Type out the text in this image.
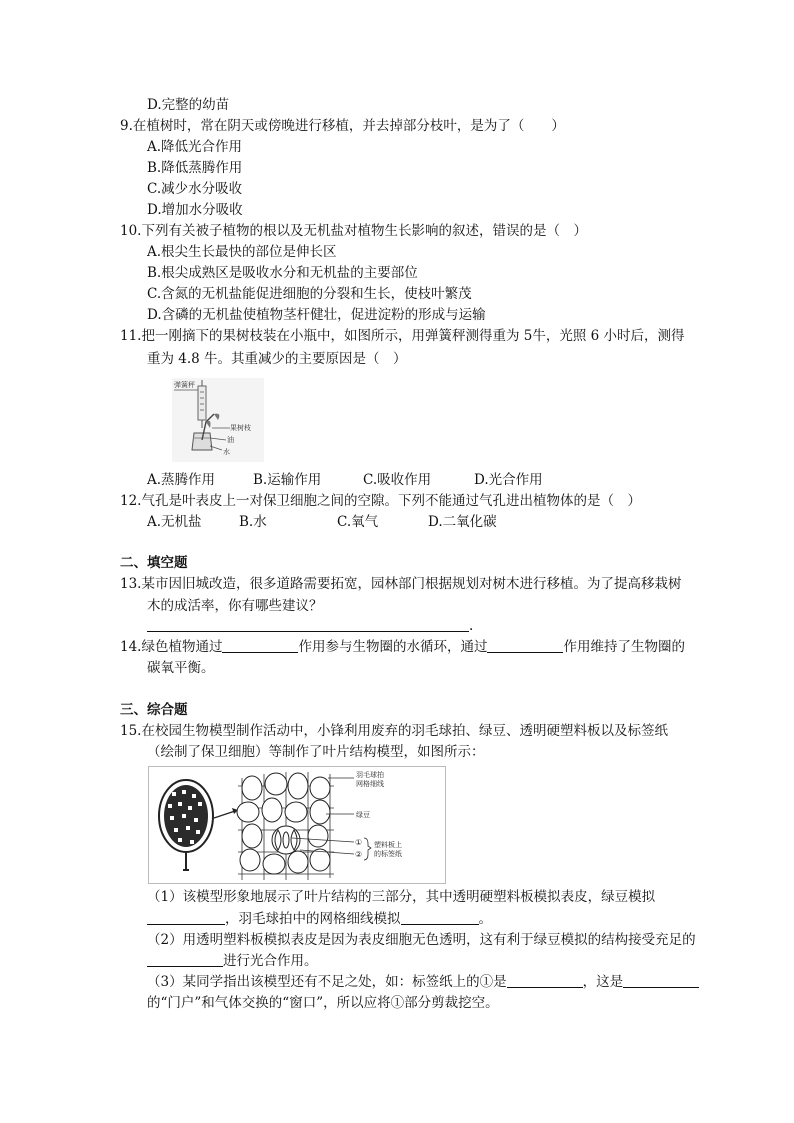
D.完整的幼苗
9.在植树时，常在阴天或傍晚进行移植，并去掉部分枝叶，是为了（　　）
A.降低光合作用
B.降低蒸腾作用
C.减少水分吸收
D.增加水分吸收
10.下列有关被子植物的根以及无机盐对植物生长影响的叙述，错误的是（　）
A.根尖生长最快的部位是伸长区
B.根尖成熟区是吸收水分和无机盐的主要部位
C.含氮的无机盐能促进细胞的分裂和生长，使枝叶繁茂
D.含磷的无机盐使植物茎杆健壮，促进淀粉的形成与运输
11.把一刚摘下的果树枝装在小瓶中，如图所示，用弹簧秤测得重为 5牛，光照 6 小时后，测得
重为 4.8 牛。其重减少的主要原因是（　）
弹簧秤
果树枝
油
水
A.蒸腾作用	B.运输作用	C.吸收作用	D.光合作用
12.气孔是叶表皮上一对保卫细胞之间的空隙。下列不能通过气孔进出植物体的是（　）
A.无机盐	B.水	C.氧气	D.二氧化碳
二、填空题
13.某市因旧城改造，很多道路需要拓宽，园林部门根据规划对树木进行移植。为了提高移栽树
木的成活率，你有哪些建议？
.
14.绿色植物通过	作用参与生物圈的水循环，通过	作用维持了生物圈的
碳氧平衡。
三、综合题
15.在校园生物模型制作活动中，小锋利用废弃的羽毛球拍、绿豆、透明硬塑料板以及标签纸
（绘制了保卫细胞）等制作了叶片结构模型，如图所示：
羽毛球拍
网格细线
绿豆
①
②
塑料板上
的标签纸
（1）该模型形象地展示了叶片结构的三部分，其中透明硬塑料板模拟表皮，绿豆模拟
，羽毛球拍中的网格细线模拟	。
（2）用透明塑料板模拟表皮是因为表皮细胞无色透明，这有利于绿豆模拟的结构接受充足的
进行光合作用。
（3）某同学指出该模型还有不足之处，如：标签纸上的①是	，这是
的“门户”和气体交换的“窗口”，所以应将①部分剪裁挖空。
